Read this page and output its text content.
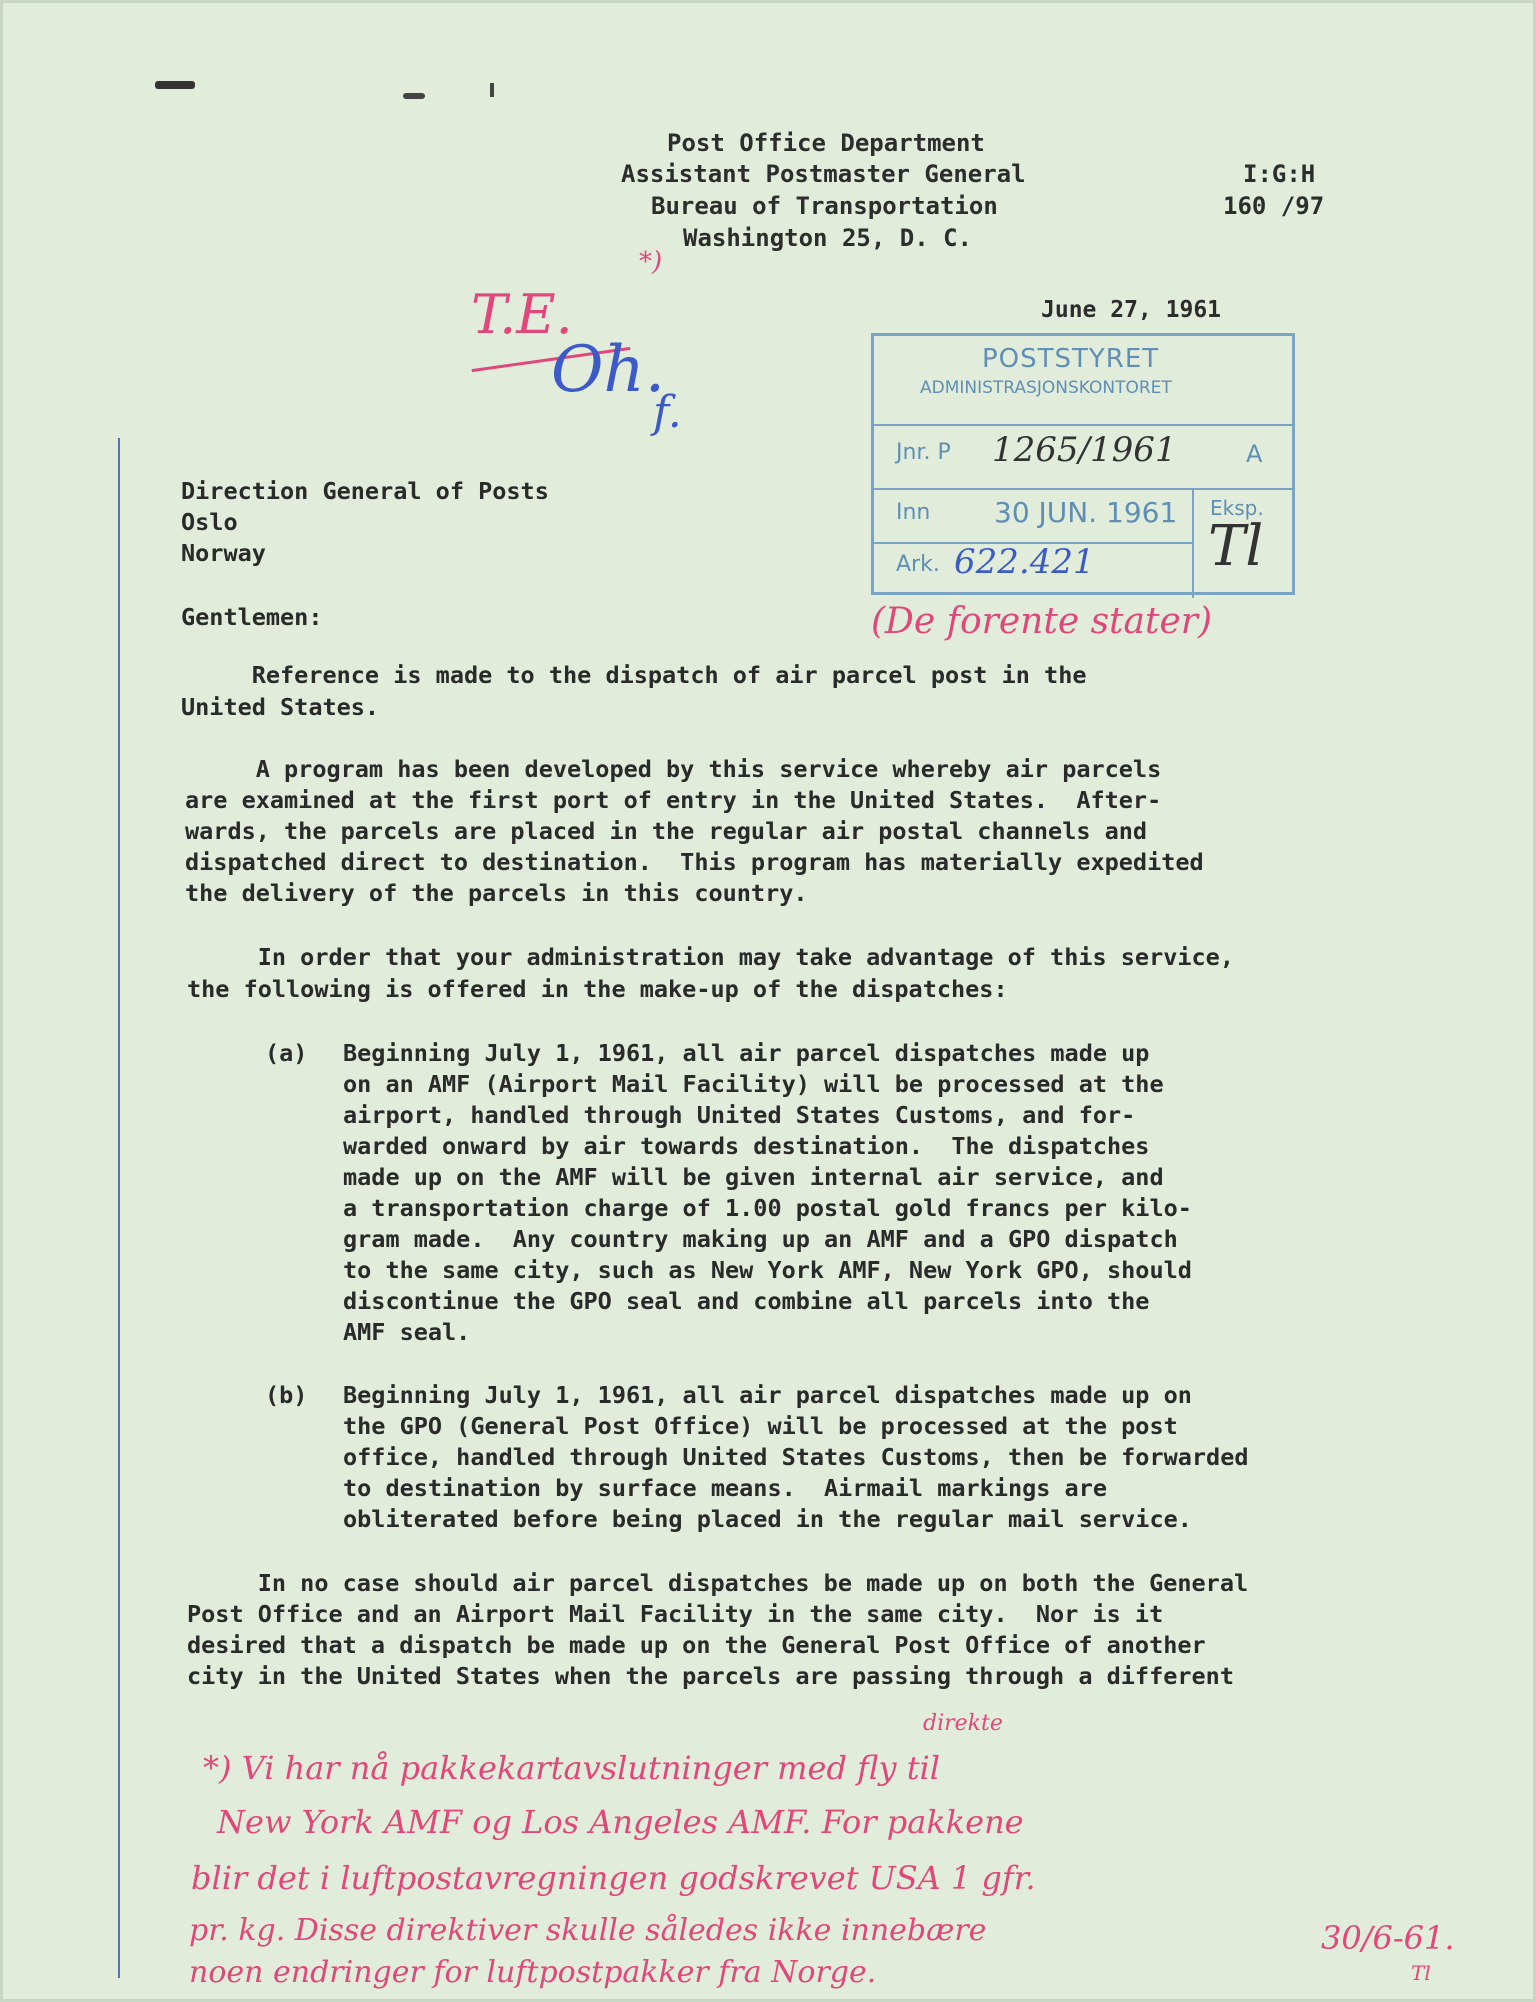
Post Office Department
Assistant Postmaster General
Bureau of Transportation
Washington 25, D. C.
I:G:H
160 /97
June 27, 1961
T.E.
*)
Oh.
f.
POSTSTYRET
ADMINISTRASJONSKONTORET
Jnr. P 1265/1961	A
Inn 30 JUN. 1961 Eksp.
Tl
Ark. 622.421
(De forente stater)
Direction General of Posts
Oslo
Norway
Gentlemen:
Reference is made to the dispatch of air parcel post in the
United States.
A program has been developed by this service whereby air parcels
are examined at the first port of entry in the United States.  After-
wards, the parcels are placed in the regular air postal channels and
dispatched direct to destination.  This program has materially expedited
the delivery of the parcels in this country.
In order that your administration may take advantage of this service,
the following is offered in the make-up of the dispatches:
(a) Beginning July 1, 1961, all air parcel dispatches made up
on an AMF (Airport Mail Facility) will be processed at the
airport, handled through United States Customs, and for-
warded onward by air towards destination.  The dispatches
made up on the AMF will be given internal air service, and
a transportation charge of 1.00 postal gold francs per kilo-
gram made.  Any country making up an AMF and a GPO dispatch
to the same city, such as New York AMF, New York GPO, should
discontinue the GPO seal and combine all parcels into the
AMF seal.
(b) Beginning July 1, 1961, all air parcel dispatches made up on
the GPO (General Post Office) will be processed at the post
office, handled through United States Customs, then be forwarded
to destination by surface means.  Airmail markings are
obliterated before being placed in the regular mail service.
In no case should air parcel dispatches be made up on both the General
Post Office and an Airport Mail Facility in the same city.  Nor is it
desired that a dispatch be made up on the General Post Office of another
city in the United States when the parcels are passing through a different
direkte
*) Vi har nå pakkekartavslutninger med fly til
New York AMF og Los Angeles AMF. For pakkene
blir det i luftpostavregningen godskrevet USA 1 gfr.
pr. kg. Disse direktiver skulle således ikke innebære
noen endringer for luftpostpakker fra Norge.
30/6-61.
Tl
